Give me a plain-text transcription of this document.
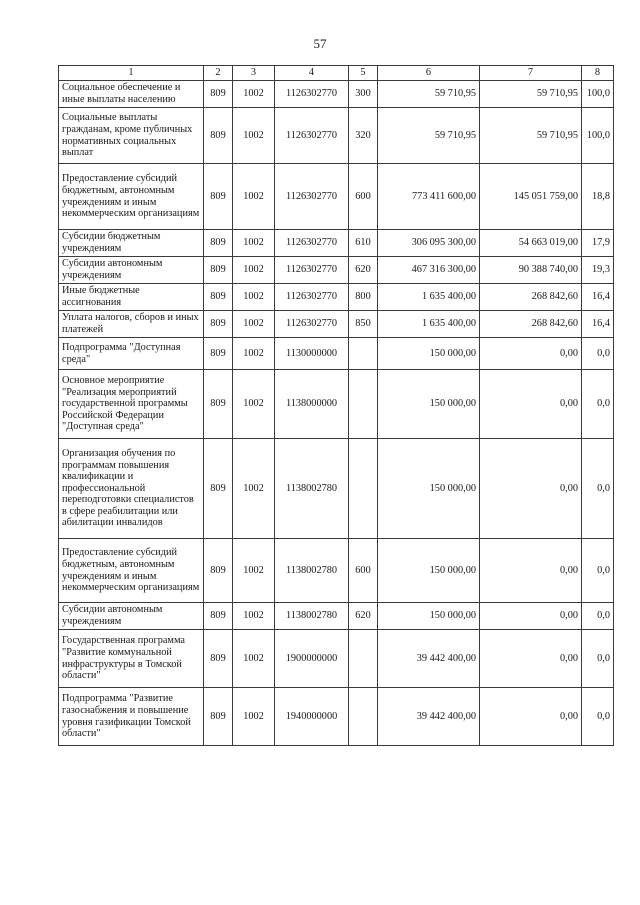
57
1	2	3	4	5	6	7	8
Социальное обеспечение и иные выплаты населению	809	1002	1126302770	300	59 710,95	59 710,95	100,0
Социальные выплаты гражданам, кроме публичных нормативных социальных выплат	809	1002	1126302770	320	59 710,95	59 710,95	100,0
Предоставление субсидий бюджетным, автономным учреждениям и иным некоммерческим организациям	809	1002	1126302770	600	773 411 600,00	145 051 759,00	18,8
Субсидии бюджетным учреждениям	809	1002	1126302770	610	306 095 300,00	54 663 019,00	17,9
Субсидии автономным учреждениям	809	1002	1126302770	620	467 316 300,00	90 388 740,00	19,3
Иные бюджетные ассигнования	809	1002	1126302770	800	1 635 400,00	268 842,60	16,4
Уплата налогов, сборов и иных платежей	809	1002	1126302770	850	1 635 400,00	268 842,60	16,4
Подпрограмма "Доступная среда"	809	1002	1130000000		150 000,00	0,00	0,0
Основное мероприятие "Реализация мероприятий государственной программы Российской Федерации "Доступная среда"	809	1002	1138000000		150 000,00	0,00	0,0
Организация обучения по программам повышения квалификации и профессиональной переподготовки специалистов в сфере реабилитации или абилитации инвалидов	809	1002	1138002780		150 000,00	0,00	0,0
Предоставление субсидий бюджетным, автономным учреждениям и иным некоммерческим организациям	809	1002	1138002780	600	150 000,00	0,00	0,0
Субсидии автономным учреждениям	809	1002	1138002780	620	150 000,00	0,00	0,0
Государственная программа "Развитие коммунальной инфраструктуры в Томской области"	809	1002	1900000000		39 442 400,00	0,00	0,0
Подпрограмма "Развитие газоснабжения и повышение уровня газификации Томской области"	809	1002	1940000000		39 442 400,00	0,00	0,0
